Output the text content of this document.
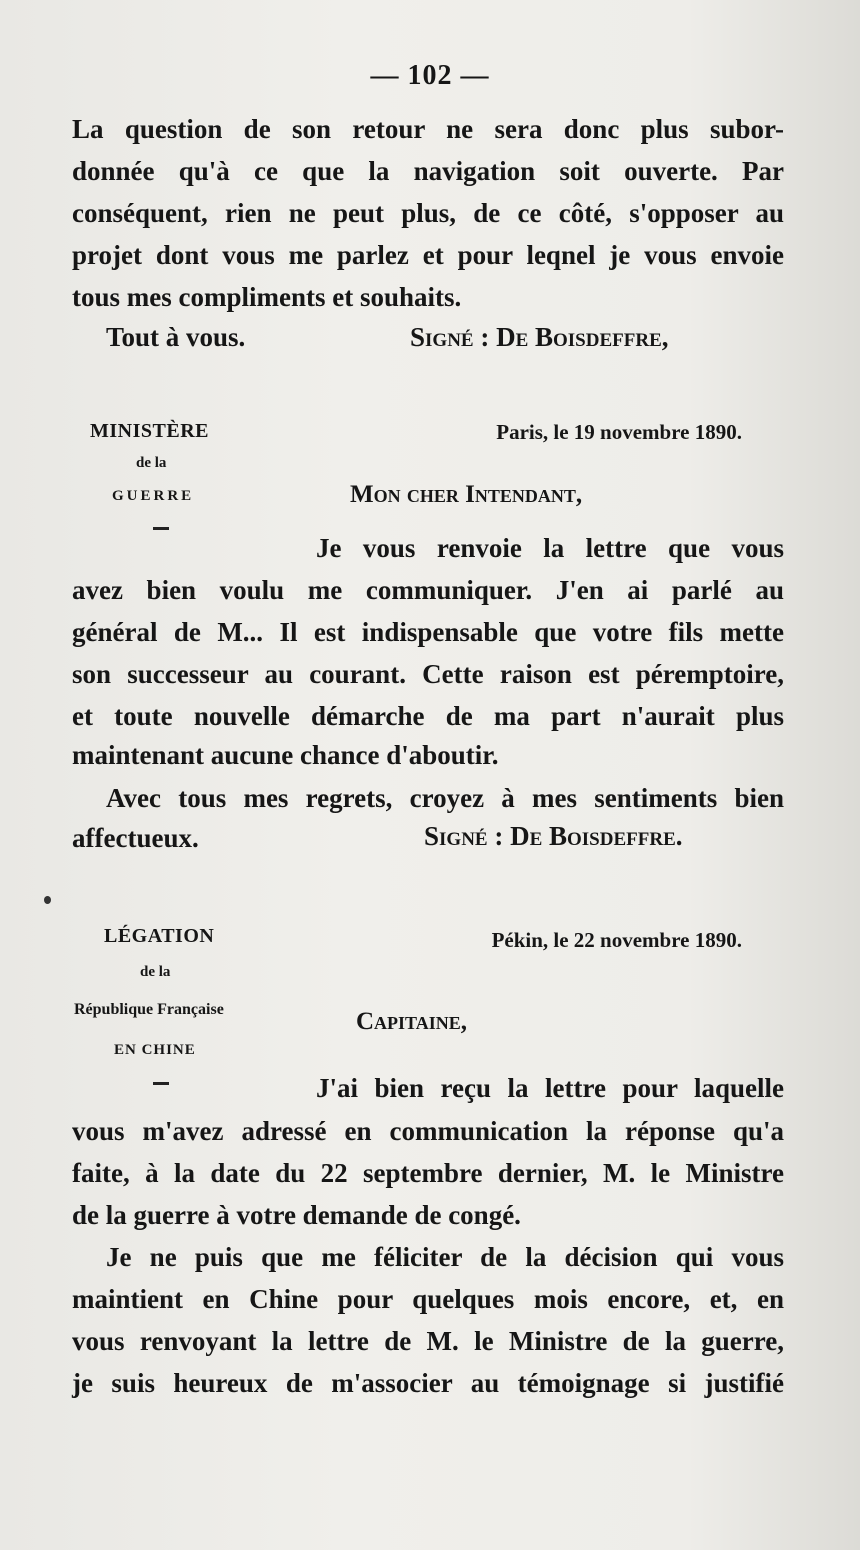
— 102 —
La question de son retour ne sera donc plus subor-
donnée qu'à ce que la navigation soit ouverte. Par
conséquent, rien ne peut plus, de ce côté, s'opposer au
projet dont vous me parlez et pour leqnel je vous envoie
tous mes compliments et souhaits.
Tout à vous.	Signé : De Boisdeffre,
MINISTÈRE	Paris, le 19 novembre 1890.
de la
GUERRE	Mon cher Intendant,
Je vous renvoie la lettre que vous
avez bien voulu me communiquer. J'en ai parlé au
général de M... Il est indispensable que votre fils mette
son successeur au courant. Cette raison est péremptoire,
et toute nouvelle démarche de ma part n'aurait plus
maintenant aucune chance d'aboutir.
Avec tous mes regrets, croyez à mes sentiments bien
affectueux.	Signé : De Boisdeffre.
LÉGATION	Pékin, le 22 novembre 1890.
de la
République Française	Capitaine,
EN CHINE
J'ai bien reçu la lettre pour laquelle
vous m'avez adressé en communication la réponse qu'a
faite, à la date du 22 septembre dernier, M. le Ministre
de la guerre à votre demande de congé.
Je ne puis que me féliciter de la décision qui vous
maintient en Chine pour quelques mois encore, et, en
vous renvoyant la lettre de M. le Ministre de la guerre,
je suis heureux de m'associer au témoignage si justifié
